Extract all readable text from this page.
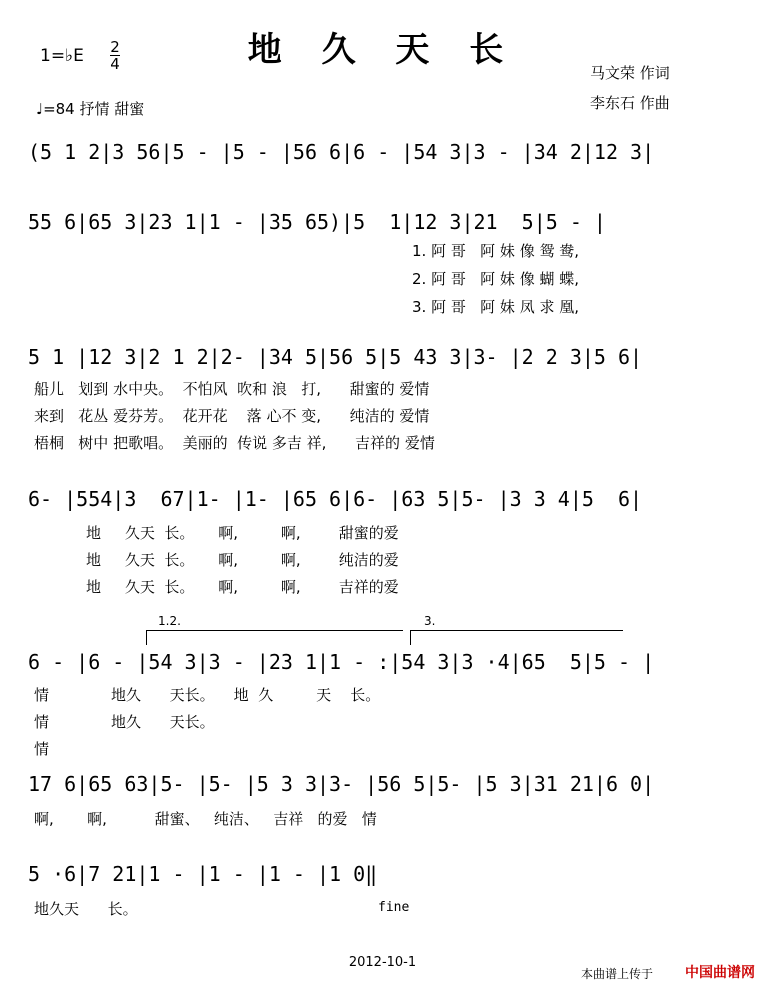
地 久 天 长
1=♭E 2
4
♩=84 抒情 甜蜜
马文荣 作词
李东石 作曲
(5 1 2|3 56|5 - |5 - |56 6|6 - |54 3|3 - |34 2|12 3|
55 6|65 3|23 1|1 - |35 65)|5  1|12 3|21  5|5 - |
1. 阿 哥   阿 妹 像 鸳 鸯,
2. 阿 哥   阿 妹 像 蝴 蝶,
3. 阿 哥   阿 妹 凤 求 凰,
5 1 |12 3|2 1 2|2- |34 5|56 5|5 43 3|3- |2 2 3|5 6|
船儿   划到 水中央。  不怕风  吹和 浪   打,      甜蜜的 爱情
来到   花丛 爱芬芳。  花开花    落 心不 变,      纯洁的 爱情
梧桐   树中 把歌唱。  美丽的  传说 多吉 祥,      吉祥的 爱情
6- |554|3  67|1- |1- |65 6|6- |63 5|5- |3 3 4|5  6|
地     久天  长。     啊,         啊,        甜蜜的爱
地     久天  长。     啊,         啊,        纯洁的爱
地     久天  长。     啊,         啊,        吉祥的爱
1.2.	3.
6 - |6 - |54 3|3 - |23 1|1 - :|54 3|3 ·4|65  5|5 - |
情             地久      天长。    地  久         天    长。
情             地久      天长。
情
17 6|65 63|5- |5- |5 3 3|3- |56 5|5- |5 3|31 21|6 0|
啊,       啊,          甜蜜、   纯洁、   吉祥   的爱   情
5 ·6|7 21|1 - |1 - |1 - |1 0‖
地久天      长。	fine
2012-10-1
本曲谱上传于 中国曲谱网
